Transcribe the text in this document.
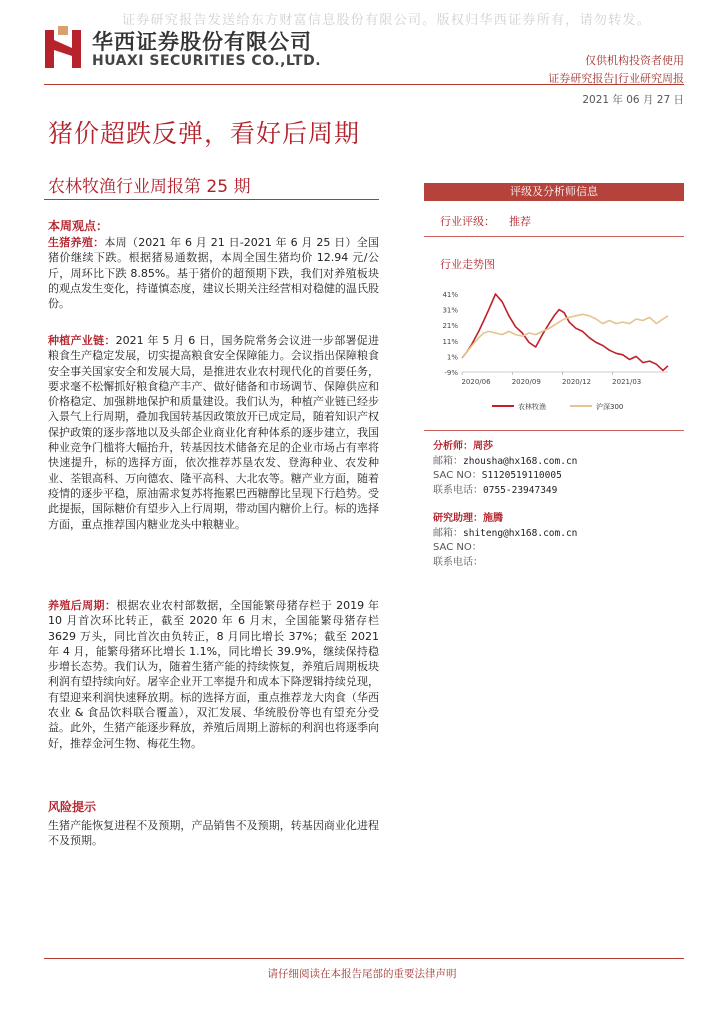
证券研究报告发送给东方财富信息股份有限公司。版权归华西证券所有，请勿转发。
华西证券股份有限公司
HUAXI SECURITIES CO.,LTD.	仅供机构投资者使用
证券研究报告|行业研究周报
2021 年 06 月 27 日
猪价超跌反弹，看好后周期
农林牧渔行业周报第 25 期
本周观点：

生猪养殖：本周（2021 年 6 月 21 日-2021 年 6 月 25 日）全国猪价继续下跌。根据猪易通数据，本周全国生猪均价 12.94 元/公斤，周环比下跌 8.85%。基于猪价的超预期下跌，我们对养殖板块的观点发生变化，持谨慎态度，建议长期关注经营相对稳健的温氏股份。

种植产业链：2021 年 5 月 6 日，国务院常务会议进一步部署促进粮食生产稳定发展，切实提高粮食安全保障能力。会议指出保障粮食安全事关国家安全和发展大局，是推进农业农村现代化的首要任务，要求毫不松懈抓好粮食稳产丰产、做好储备和市场调节、保障供应和价格稳定、加强耕地保护和质量建设。我们认为，种植产业链已经步入景气上行周期，叠加我国转基因政策放开已成定局，随着知识产权保护政策的逐步落地以及头部企业商业化育种体系的逐步建立，我国种业竞争门槛将大幅抬升，转基因技术储备充足的企业市场占有率将快速提升，标的选择方面，依次推荐苏垦农发、登海种业、农发种业、荃银高科、万向德农、隆平高科、大北农等。糖产业方面，随着疫情的逐步平稳，原油需求复苏将拖累巴西糖醇比呈现下行趋势。受此提振，国际糖价有望步入上行周期，带动国内糖价上行。标的选择方面，重点推荐国内糖业龙头中粮糖业。

养殖后周期：根据农业农村部数据，全国能繁母猪存栏于 2019 年 10 月首次环比转正，截至 2020 年 6 月末，全国能繁母猪存栏 3629 万头，同比首次由负转正，8 月同比增长 37%；截至 2021 年 4 月，能繁母猪环比增长 1.1%，同比增长 39.9%，继续保持稳步增长态势。我们认为，随着生猪产能的持续恢复，养殖后周期板块利润有望持续向好。屠宰企业开工率提升和成本下降逻辑持续兑现，有望迎来利润快速释放期。标的选择方面，重点推荐龙大肉食（华西农业 & 食品饮料联合覆盖），双汇发展、华统股份等也有望充分受益。此外，生猪产能逐步释放，养殖后周期上游标的利润也将逐季向好，推荐金河生物、梅花生物。

风险提示

生猪产能恢复进程不及预期，产品销售不及预期，转基因商业化进程不及预期。

评级及分析师信息
行业评级： 推荐
行业走势图
41%
31%
21%
11%
1%
-9%
2020/06	2020/09	2020/12	2021/03
农林牧渔	沪深300
分析师：周莎
邮箱：zhousha@hx168.com.cn
SAC NO：S1120519110005
联系电话：0755-23947349
研究助理：施腾
邮箱：shiteng@hx168.com.cn
SAC NO：
联系电话：
请仔细阅读在本报告尾部的重要法律声明
